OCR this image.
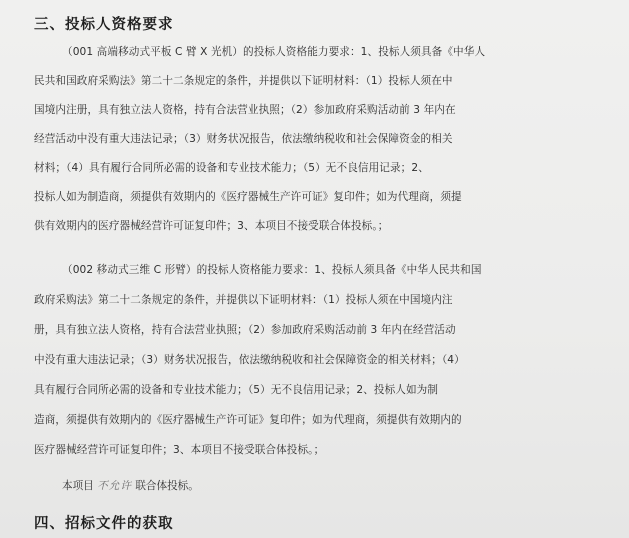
三、投标人资格要求
（001 高端移动式平板 C 臂 X 光机）的投标人资格能力要求：1、投标人须具备《中华人
民共和国政府采购法》第二十二条规定的条件，并提供以下证明材料：（1）投标人须在中
国境内注册，具有独立法人资格，持有合法营业执照；（2）参加政府采购活动前 3 年内在
经营活动中没有重大违法记录；（3）财务状况报告，依法缴纳税收和社会保障资金的相关
材料；（4）具有履行合同所必需的设备和专业技术能力；（5）无不良信用记录；2、
投标人如为制造商，须提供有效期内的《医疗器械生产许可证》复印件；如为代理商，须提
供有效期内的医疗器械经营许可证复印件；3、本项目不接受联合体投标。；
（002 移动式三维 C 形臂）的投标人资格能力要求：1、投标人须具备《中华人民共和国
政府采购法》第二十二条规定的条件，并提供以下证明材料：（1）投标人须在中国境内注
册，具有独立法人资格，持有合法营业执照；（2）参加政府采购活动前 3 年内在经营活动
中没有重大违法记录；（3）财务状况报告，依法缴纳税收和社会保障资金的相关材料；（4）
具有履行合同所必需的设备和专业技术能力；（5）无不良信用记录；2、投标人如为制
造商，须提供有效期内的《医疗器械生产许可证》复印件；如为代理商，须提供有效期内的
医疗器械经营许可证复印件；3、本项目不接受联合体投标。；
本项目 不允许 联合体投标。
四、招标文件的获取
